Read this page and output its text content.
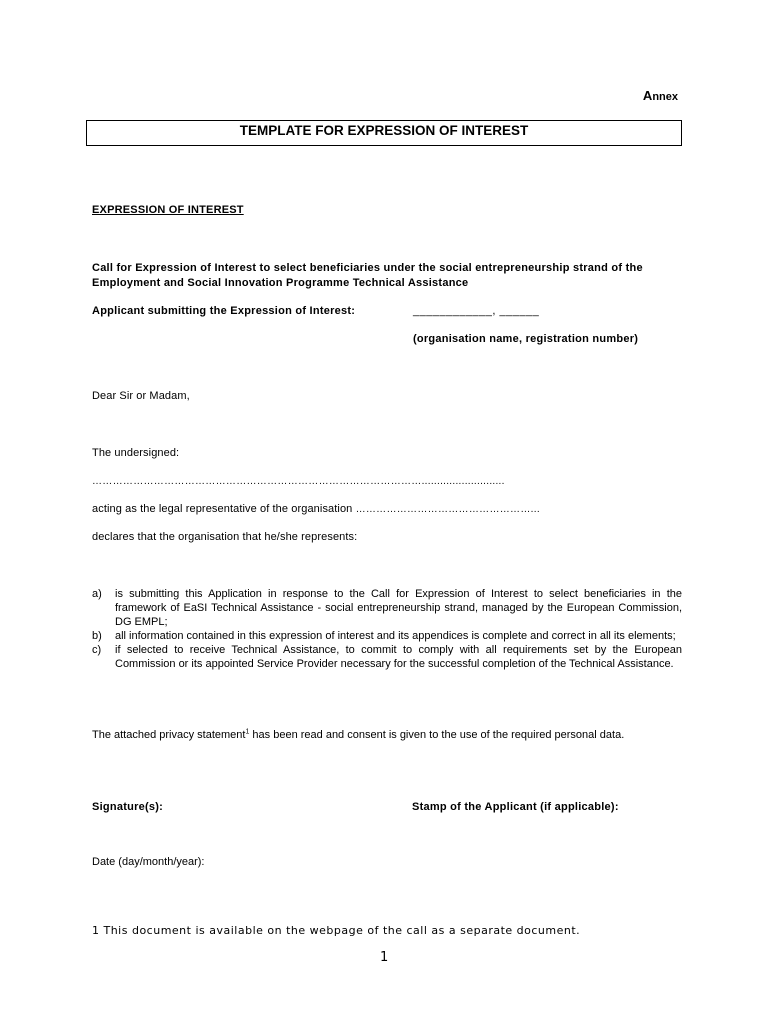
Annex
TEMPLATE FOR EXPRESSION OF INTEREST
EXPRESSION OF INTEREST
Call for Expression of Interest to select beneficiaries under the social entrepreneurship strand of the Employment and Social Innovation Programme Technical Assistance
Applicant submitting the Expression of Interest:	____________, ______
(organisation name, registration number)
Dear Sir or Madam,
The undersigned:
……………………………………………………………………………………...........................
acting as the legal representative of the organisation ……………………………………………...
declares that the organisation that he/she represents:
a)	is submitting this Application in response to the Call for Expression of Interest to select beneficiaries in the framework of EaSI Technical Assistance - social entrepreneurship strand, managed by the European Commission, DG EMPL;
b)	all information contained in this expression of interest and its appendices is complete and correct in all its elements;
c)	if selected to receive Technical Assistance, to commit to comply with all requirements set by the European Commission or its appointed Service Provider necessary for the successful completion of the Technical Assistance.
The attached privacy statement$^1$ has been read and consent is given to the use of the required personal data.
Signature(s):	Stamp of the Applicant (if applicable):
Date (day/month/year):
1 This document is available on the webpage of the call as a separate document.
1
